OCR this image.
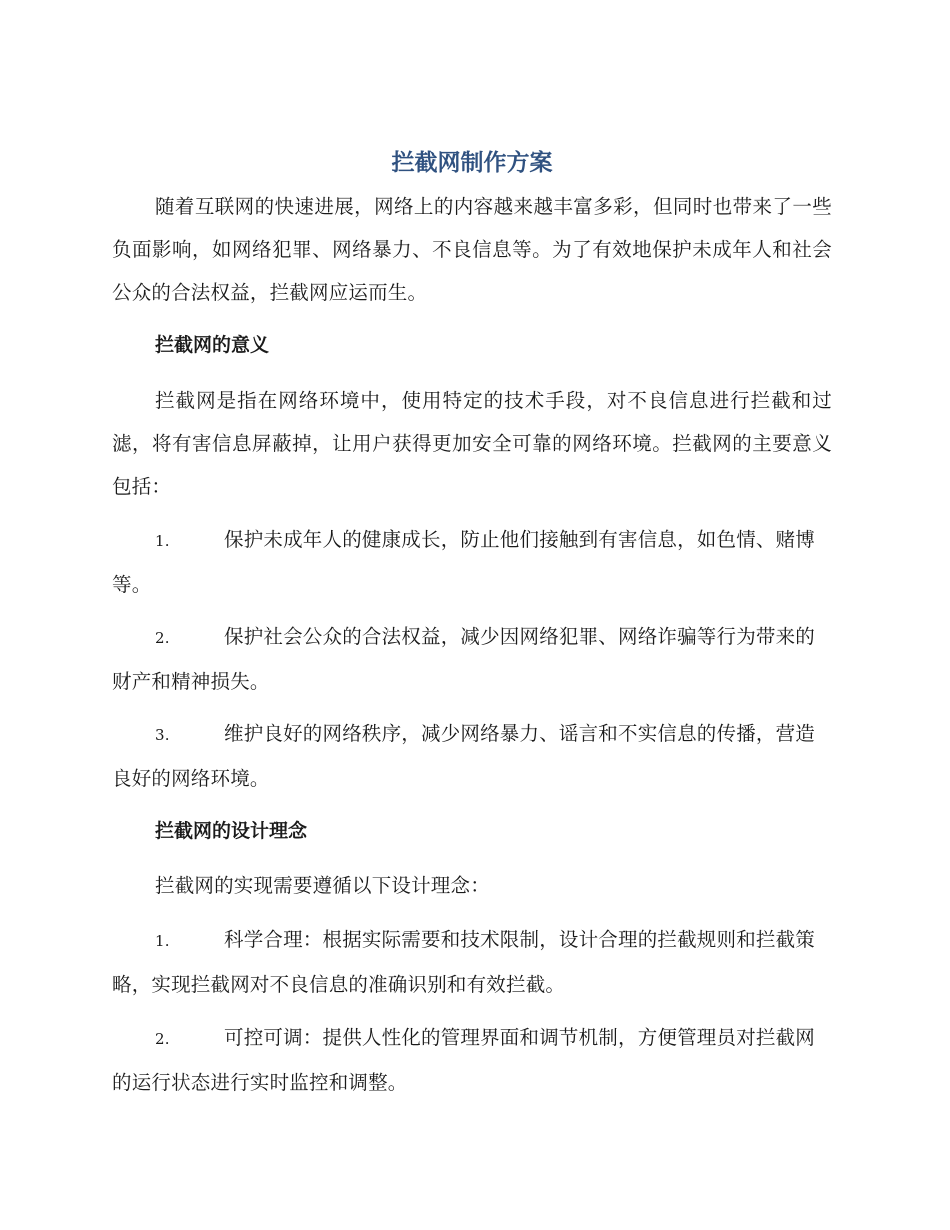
拦截网制作方案

随着互联网的快速进展，网络上的内容越来越丰富多彩，但同时也带来了一些负面影响，如网络犯罪、网络暴力、不良信息等。为了有效地保护未成年人和社会公众的合法权益，拦截网应运而生。

拦截网的意义

拦截网是指在网络环境中，使用特定的技术手段，对不良信息进行拦截和过滤，将有害信息屏蔽掉，让用户获得更加安全可靠的网络环境。拦截网的主要意义包括：

1.	保护未成年人的健康成长，防止他们接触到有害信息，如色情、赌博等。

2.	保护社会公众的合法权益，减少因网络犯罪、网络诈骗等行为带来的财产和精神损失。

3.	维护良好的网络秩序，减少网络暴力、谣言和不实信息的传播，营造良好的网络环境。

拦截网的设计理念

拦截网的实现需要遵循以下设计理念：

1.	科学合理：根据实际需要和技术限制，设计合理的拦截规则和拦截策略，实现拦截网对不良信息的准确识别和有效拦截。

2.	可控可调：提供人性化的管理界面和调节机制，方便管理员对拦截网的运行状态进行实时监控和调整。
